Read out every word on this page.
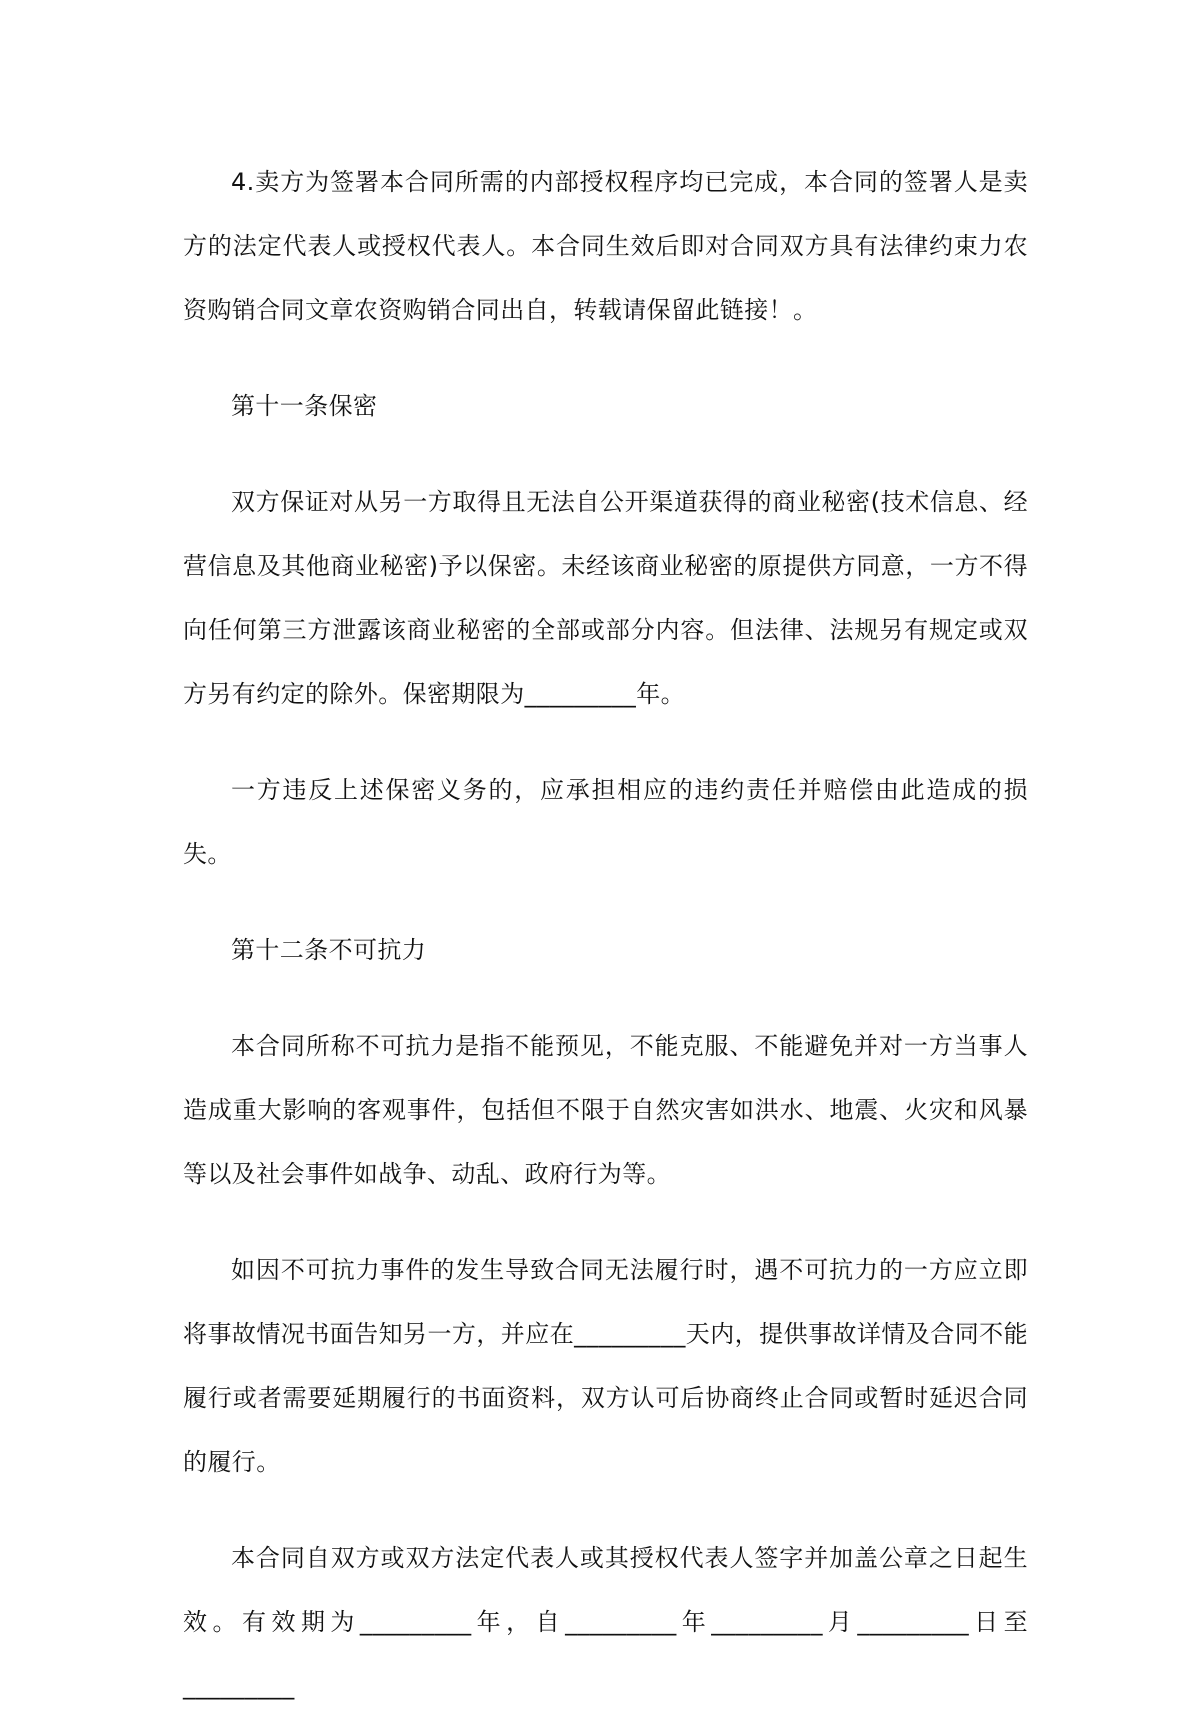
4.卖方为签署本合同所需的内部授权程序均已完成，本合同的签署人是卖方的法定代表人或授权代表人。本合同生效后即对合同双方具有法律约束力农资购销合同文章农资购销合同出自，转载请保留此链接！。

第十一条保密

双方保证对从另一方取得且无法自公开渠道获得的商业秘密(技术信息、经营信息及其他商业秘密)予以保密。未经该商业秘密的原提供方同意，一方不得向任何第三方泄露该商业秘密的全部或部分内容。但法律、法规另有规定或双方另有约定的除外。保密期限为_________年。

一方违反上述保密义务的，应承担相应的违约责任并赔偿由此造成的损失。

第十二条不可抗力

本合同所称不可抗力是指不能预见，不能克服、不能避免并对一方当事人造成重大影响的客观事件，包括但不限于自然灾害如洪水、地震、火灾和风暴等以及社会事件如战争、动乱、政府行为等。

如因不可抗力事件的发生导致合同无法履行时，遇不可抗力的一方应立即将事故情况书面告知另一方，并应在_________天内，提供事故详情及合同不能履行或者需要延期履行的书面资料，双方认可后协商终止合同或暂时延迟合同的履行。

本合同自双方或双方法定代表人或其授权代表人签字并加盖公章之日起生效。有效期为_________年，自_________年_________月_________日至_________
